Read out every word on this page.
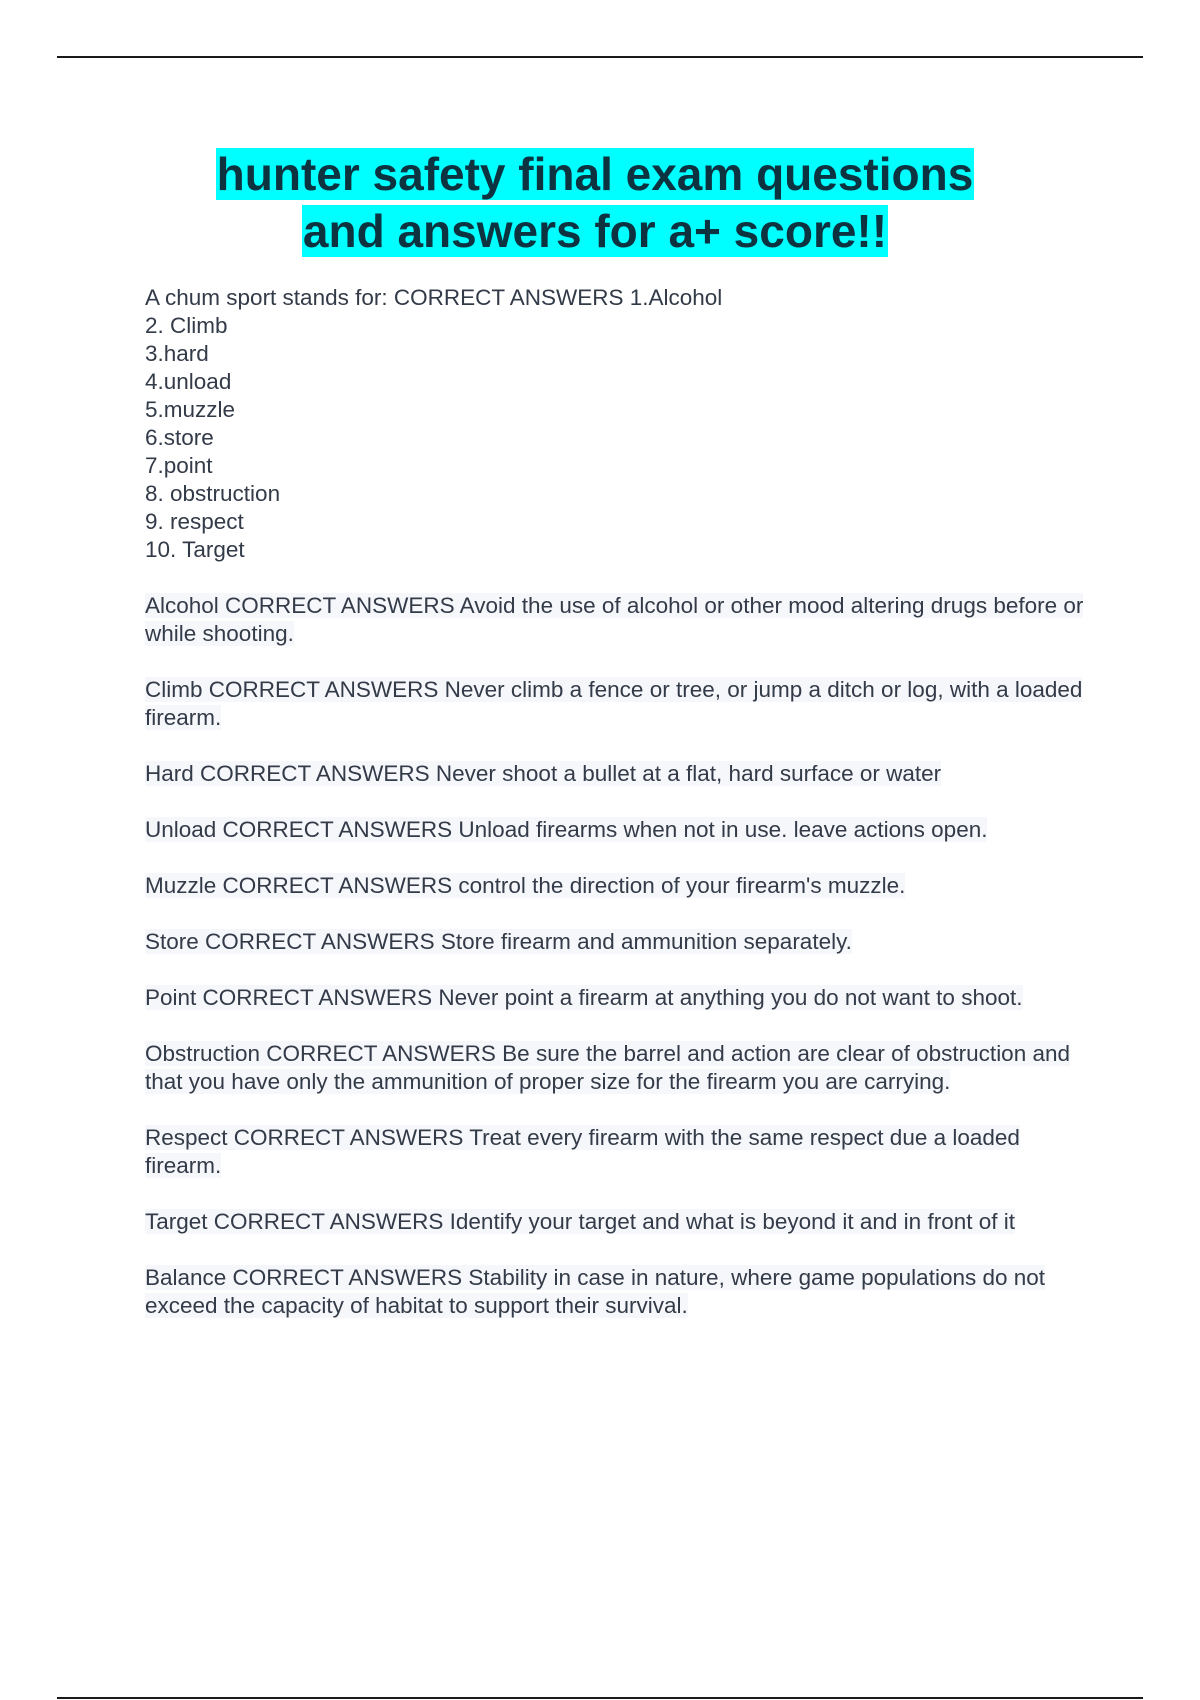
hunter safety final exam questions
and answers for a+ score!!
A chum sport stands for: CORRECT ANSWERS 1.Alcohol
2. Climb
3.hard
4.unload
5.muzzle
6.store
7.point
8. obstruction
9. respect
10. Target

Alcohol CORRECT ANSWERS Avoid the use of alcohol or other mood altering drugs before or while shooting.

Climb CORRECT ANSWERS Never climb a fence or tree, or jump a ditch or log, with a loaded firearm.

Hard CORRECT ANSWERS Never shoot a bullet at a flat, hard surface or water

Unload CORRECT ANSWERS Unload firearms when not in use. leave actions open.

Muzzle CORRECT ANSWERS control the direction of your firearm's muzzle.

Store CORRECT ANSWERS Store firearm and ammunition separately.

Point CORRECT ANSWERS Never point a firearm at anything you do not want to shoot.

Obstruction CORRECT ANSWERS Be sure the barrel and action are clear of obstruction and that you have only the ammunition of proper size for the firearm you are carrying.

Respect CORRECT ANSWERS Treat every firearm with the same respect due a loaded firearm.

Target CORRECT ANSWERS Identify your target and what is beyond it and in front of it

Balance CORRECT ANSWERS Stability in case in nature, where game populations do not exceed the capacity of habitat to support their survival.
